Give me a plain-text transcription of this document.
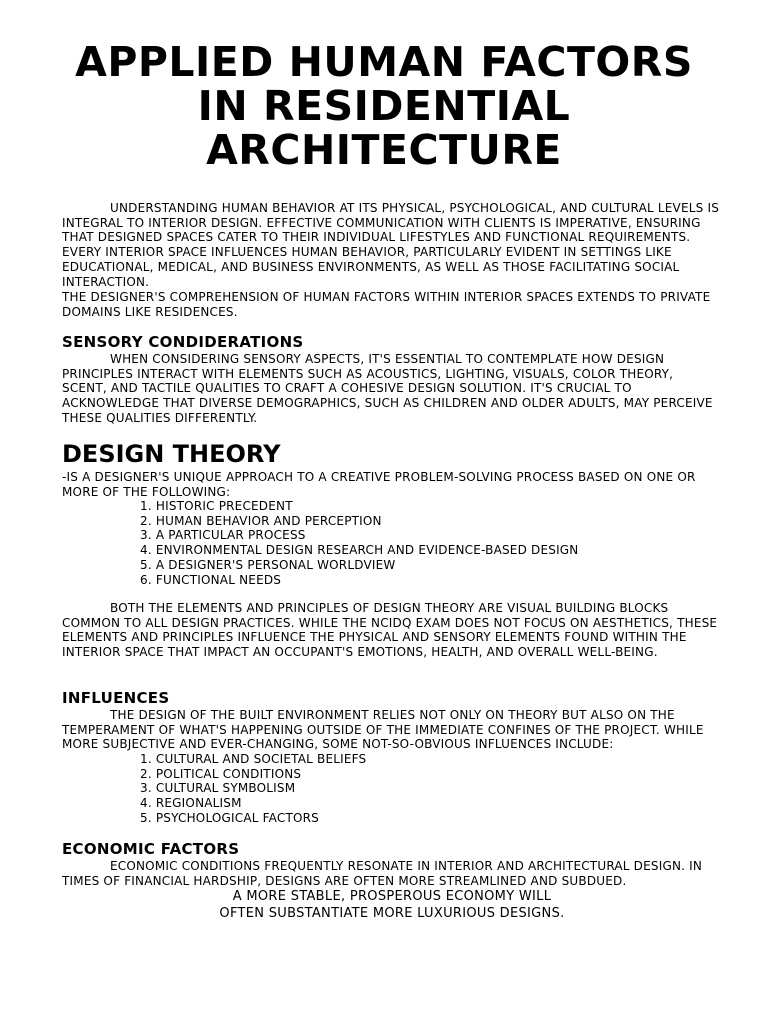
APPLIED HUMAN FACTORS
IN RESIDENTIAL
ARCHITECTURE

UNDERSTANDING HUMAN BEHAVIOR AT ITS PHYSICAL, PSYCHOLOGICAL, AND CULTURAL LEVELS IS INTEGRAL TO INTERIOR DESIGN. EFFECTIVE COMMUNICATION WITH CLIENTS IS IMPERATIVE, ENSURING THAT DESIGNED SPACES CATER TO THEIR INDIVIDUAL LIFESTYLES AND FUNCTIONAL REQUIREMENTS. EVERY INTERIOR SPACE INFLUENCES HUMAN BEHAVIOR, PARTICULARLY EVIDENT IN SETTINGS LIKE EDUCATIONAL, MEDICAL, AND BUSINESS ENVIRONMENTS, AS WELL AS THOSE FACILITATING SOCIAL INTERACTION.

THE DESIGNER'S COMPREHENSION OF HUMAN FACTORS WITHIN INTERIOR SPACES EXTENDS TO PRIVATE DOMAINS LIKE RESIDENCES.

SENSORY CONDIDERATIONS

WHEN CONSIDERING SENSORY ASPECTS, IT'S ESSENTIAL TO CONTEMPLATE HOW DESIGN PRINCIPLES INTERACT WITH ELEMENTS SUCH AS ACOUSTICS, LIGHTING, VISUALS, COLOR THEORY, SCENT, AND TACTILE QUALITIES TO CRAFT A COHESIVE DESIGN SOLUTION. IT'S CRUCIAL TO ACKNOWLEDGE THAT DIVERSE DEMOGRAPHICS, SUCH AS CHILDREN AND OLDER ADULTS, MAY PERCEIVE THESE QUALITIES DIFFERENTLY.

DESIGN THEORY

-IS A DESIGNER'S UNIQUE APPROACH TO A CREATIVE PROBLEM-SOLVING PROCESS BASED ON ONE OR MORE OF THE FOLLOWING:

1. HISTORIC PRECEDENT
2. HUMAN BEHAVIOR AND PERCEPTION
3. A PARTICULAR PROCESS
4. ENVIRONMENTAL DESIGN RESEARCH AND EVIDENCE-BASED DESIGN
5. A DESIGNER'S PERSONAL WORLDVIEW
6. FUNCTIONAL NEEDS

BOTH THE ELEMENTS AND PRINCIPLES OF DESIGN THEORY ARE VISUAL BUILDING BLOCKS COMMON TO ALL DESIGN PRACTICES. WHILE THE NCIDQ EXAM DOES NOT FOCUS ON AESTHETICS, THESE ELEMENTS AND PRINCIPLES INFLUENCE THE PHYSICAL AND SENSORY ELEMENTS FOUND WITHIN THE INTERIOR SPACE THAT IMPACT AN OCCUPANT'S EMOTIONS, HEALTH, AND OVERALL WELL-BEING.

INFLUENCES

THE DESIGN OF THE BUILT ENVIRONMENT RELIES NOT ONLY ON THEORY BUT ALSO ON THE TEMPERAMENT OF WHAT'S HAPPENING OUTSIDE OF THE IMMEDIATE CONFINES OF THE PROJECT. WHILE MORE SUBJECTIVE AND EVER-CHANGING, SOME NOT-SO-OBVIOUS INFLUENCES INCLUDE:

1. CULTURAL AND SOCIETAL BELIEFS
2. POLITICAL CONDITIONS
3. CULTURAL SYMBOLISM
4. REGIONALISM
5. PSYCHOLOGICAL FACTORS
ECONOMIC FACTORS

ECONOMIC CONDITIONS FREQUENTLY RESONATE IN INTERIOR AND ARCHITECTURAL DESIGN. IN TIMES OF FINANCIAL HARDSHIP, DESIGNS ARE OFTEN MORE STREAMLINED AND SUBDUED.

A MORE STABLE, PROSPEROUS ECONOMY WILL

OFTEN SUBSTANTIATE MORE LUXURIOUS DESIGNS.
